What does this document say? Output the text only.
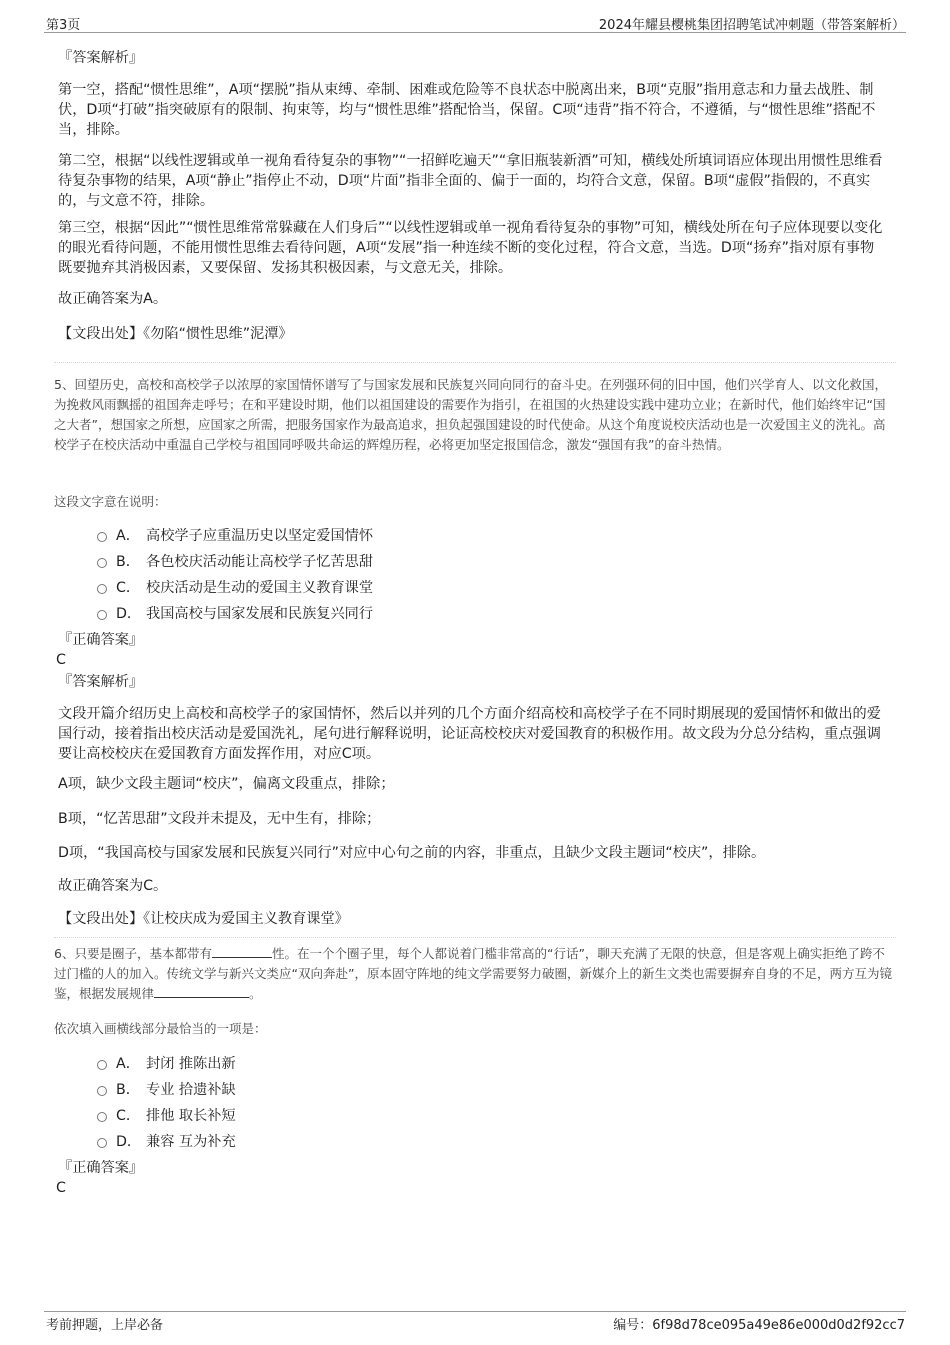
第3页	2024年耀县樱桃集团招聘笔试冲刺题（带答案解析）
『答案解析』

第一空，搭配“惯性思维”，A项“摆脱”指从束缚、牵制、困难或危险等不良状态中脱离出来，B项“克服”指用意志和力量去战胜、制伏，D项“打破”指突破原有的限制、拘束等，均与“惯性思维”搭配恰当，保留。C项“违背”指不符合，不遵循，与“惯性思维”搭配不当，排除。

第二空，根据“以线性逻辑或单一视角看待复杂的事物”“一招鲜吃遍天”“拿旧瓶装新酒”可知，横线处所填词语应体现出用惯性思维看待复杂事物的结果，A项“静止”指停止不动，D项“片面”指非全面的、偏于一面的，均符合文意，保留。B项“虚假”指假的，不真实的，与文意不符，排除。

第三空，根据“因此”“惯性思维常常躲藏在人们身后”“以线性逻辑或单一视角看待复杂的事物”可知，横线处所在句子应体现要以变化的眼光看待问题，不能用惯性思维去看待问题，A项“发展”指一种连续不断的变化过程，符合文意，当选。D项“扬弃”指对原有事物既要抛弃其消极因素，又要保留、发扬其积极因素，与文意无关，排除。

故正确答案为A。

【文段出处】《勿陷“惯性思维”泥潭》

5、回望历史，高校和高校学子以浓厚的家国情怀谱写了与国家发展和民族复兴同向同行的奋斗史。在列强环伺的旧中国，他们兴学育人、以文化救国，为挽救风雨飘摇的祖国奔走呼号；在和平建设时期，他们以祖国建设的需要作为指引，在祖国的火热建设实践中建功立业；在新时代，他们始终牢记“国之大者”，想国家之所想，应国家之所需，把服务国家作为最高追求，担负起强国建设的时代使命。从这个角度说校庆活动也是一次爱国主义的洗礼。高校学子在校庆活动中重温自己学校与祖国同呼吸共命运的辉煌历程，必将更加坚定报国信念，激发“强国有我”的奋斗热情。

这段文字意在说明：
A． 高校学子应重温历史以坚定爱国情怀
B． 各色校庆活动能让高校学子忆苦思甜
C． 校庆活动是生动的爱国主义教育课堂
D． 我国高校与国家发展和民族复兴同行
『正确答案』
C
『答案解析』

文段开篇介绍历史上高校和高校学子的家国情怀，然后以并列的几个方面介绍高校和高校学子在不同时期展现的爱国情怀和做出的爱国行动，接着指出校庆活动是爱国洗礼，尾句进行解释说明，论证高校校庆对爱国教育的积极作用。故文段为分总分结构，重点强调要让高校校庆在爱国教育方面发挥作用，对应C项。

A项，缺少文段主题词“校庆”，偏离文段重点，排除；

B项，“忆苦思甜”文段并未提及，无中生有，排除；

D项，“我国高校与国家发展和民族复兴同行”对应中心句之前的内容，非重点，且缺少文段主题词“校庆”，排除。

故正确答案为C。

【文段出处】《让校庆成为爱国主义教育课堂》

6、只要是圈子，基本都带有	性。在一个个圈子里，每个人都说着门槛非常高的“行话”，聊天充满了无限的快意，但是客观上确实拒绝了跨不过门槛的人的加入。传统文学与新兴文类应“双向奔赴”，原本固守阵地的纯文学需要努力破圈，新媒介上的新生文类也需要摒弃自身的不足，两方互为镜鉴，根据发展规律	。

依次填入画横线部分最恰当的一项是：
A． 封闭 推陈出新
B． 专业 拾遗补缺
C． 排他 取长补短
D． 兼容 互为补充
『正确答案』
C
考前押题，上岸必备	编号：6f98d78ce095a49e86e000d0d2f92cc7
